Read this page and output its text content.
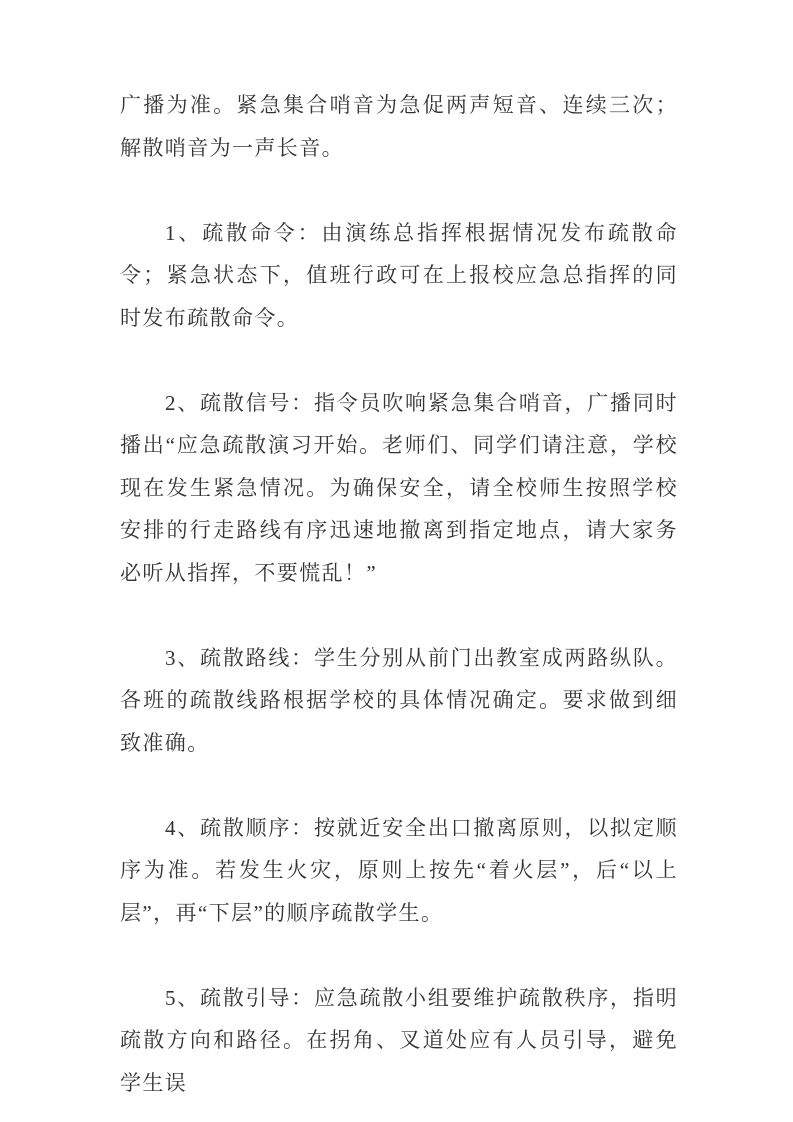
广播为准。紧急集合哨音为急促两声短音、连续三次；解散哨音为一声长音。

1、疏散命令：由演练总指挥根据情况发布疏散命令；紧急状态下，值班行政可在上报校应急总指挥的同时发布疏散命令。

2、疏散信号：指令员吹响紧急集合哨音，广播同时播出“应急疏散演习开始。老师们、同学们请注意，学校现在发生紧急情况。为确保安全，请全校师生按照学校安排的行走路线有序迅速地撤离到指定地点，请大家务必听从指挥，不要慌乱！”

3、疏散路线：学生分别从前门出教室成两路纵队。各班的疏散线路根据学校的具体情况确定。要求做到细致准确。

4、疏散顺序：按就近安全出口撤离原则，以拟定顺序为准。若发生火灾，原则上按先“着火层”，后“以上层”，再“下层”的顺序疏散学生。

5、疏散引导：应急疏散小组要维护疏散秩序，指明疏散方向和路径。在拐角、叉道处应有人员引导，避免学生误
